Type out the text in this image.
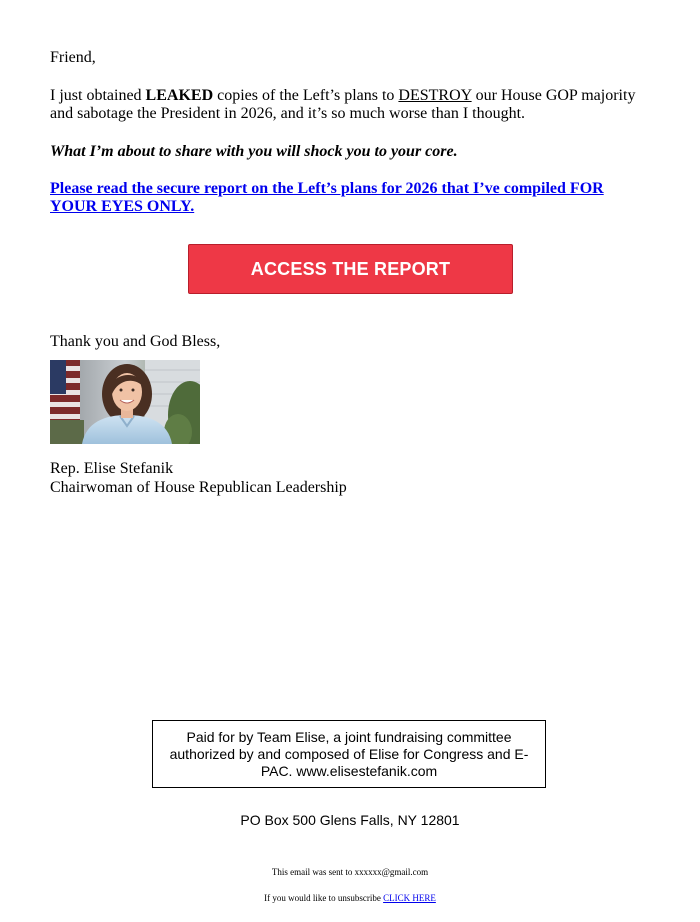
Friend,
I just obtained LEAKED copies of the Left’s plans to DESTROY our House GOP majority and sabotage the President in 2026, and it’s so much worse than I thought.
What I’m about to share with you will shock you to your core.
Please read the secure report on the Left’s plans for 2026 that I’ve compiled FOR YOUR EYES ONLY.
ACCESS THE REPORT
Thank you and God Bless,
Rep. Elise Stefanik
Chairwoman of House Republican Leadership
Paid for by Team Elise, a joint fundraising committee authorized by and composed of Elise for Congress and E-PAC. www.elisestefanik.com
PO Box 500 Glens Falls, NY 12801
This email was sent to xxxxxx@gmail.com
If you would like to unsubscribe CLICK HERE
